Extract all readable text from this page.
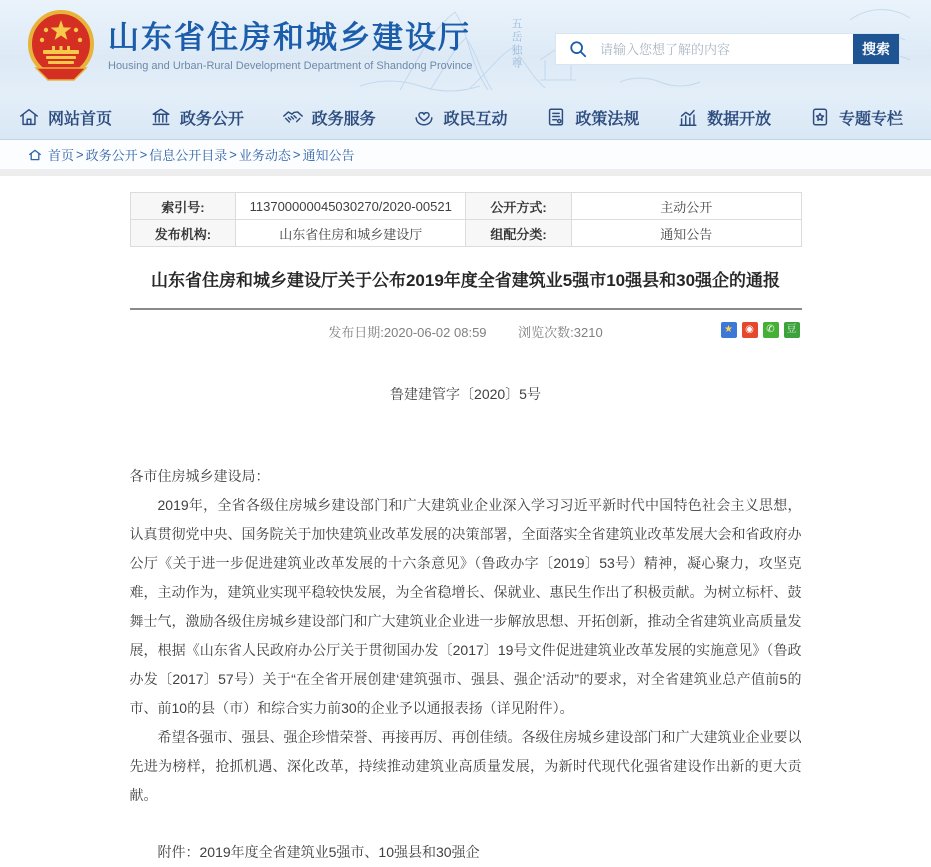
五岳独尊
山东省住房和城乡建设厅
Housing and Urban-Rural Development Department of Shandong Province
请输入您想了解的内容
搜索
网站首页	政务公开	政务服务	政民互动	政策法规	数据开放	专题专栏
首页 > 政务公开 > 信息公开目录 > 业务动态 > 通知公告
索引号:	113700000045030270/2020-00521	公开方式:	主动公开
发布机构:	山东省住房和城乡建设厅	组配分类:	通知公告
山东省住房和城乡建设厅关于公布2019年度全省建筑业5强市10强县和30强企的通报
发布日期:2020-06-02 08:59 浏览次数:3210	★	◉	✆	豆
鲁建建管字〔2020〕5号

各市住房城乡建设局：

2019年，全省各级住房城乡建设部门和广大建筑业企业深入学习习近平新时代中国特色社会主义思想，认真贯彻党中央、国务院关于加快建筑业改革发展的决策部署，全面落实全省建筑业改革发展大会和省政府办公厅《关于进一步促进建筑业改革发展的十六条意见》（鲁政办字〔2019〕53号）精神，凝心聚力，攻坚克难，主动作为，建筑业实现平稳较快发展，为全省稳增长、保就业、惠民生作出了积极贡献。为树立标杆、鼓舞士气，激励各级住房城乡建设部门和广大建筑业企业进一步解放思想、开拓创新，推动全省建筑业高质量发展，根据《山东省人民政府办公厅关于贯彻国办发〔2017〕19号文件促进建筑业改革发展的实施意见》（鲁政办发〔2017〕57号）关于“在全省开展创建‘建筑强市、强县、强企’活动”的要求，对全省建筑业总产值前5的市、前10的县（市）和综合实力前30的企业予以通报表扬（详见附件）。

希望各强市、强县、强企珍惜荣誉、再接再厉、再创佳绩。各级住房城乡建设部门和广大建筑业企业要以先进为榜样，抢抓机遇、深化改革，持续推动建筑业高质量发展，为新时代现代化强省建设作出新的更大贡献。

附件：2019年度全省建筑业5强市、10强县和30强企
